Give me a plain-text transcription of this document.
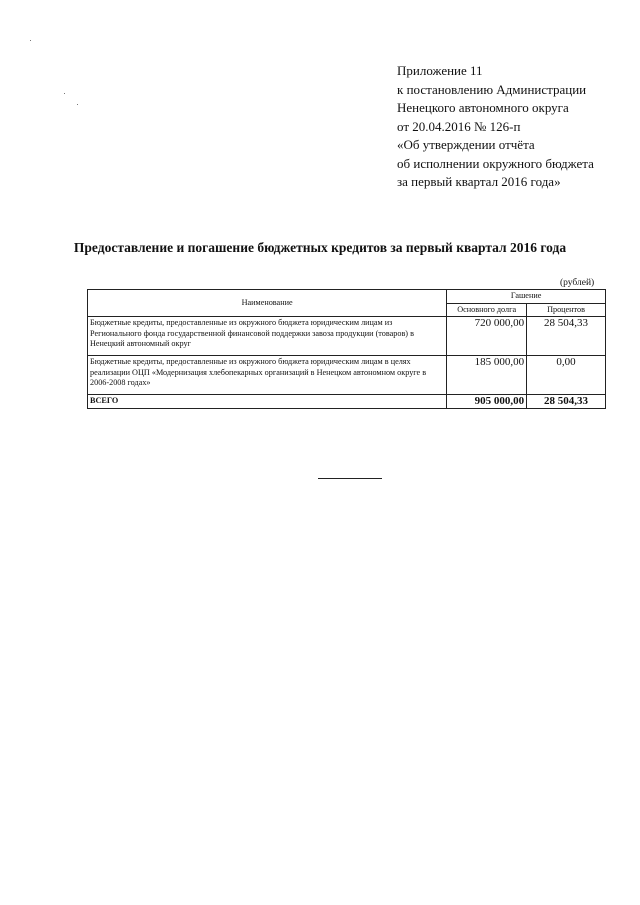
Приложение 11
к постановлению Администрации
Ненецкого автономного округа
от 20.04.2016 № 126-п
«Об утверждении отчёта
об исполнении окружного бюджета
за первый квартал 2016 года»
Предоставление и погашение бюджетных кредитов за первый квартал 2016 года
(рублей)
Наименование	Гашение	
	Основного долга	Процентов
Бюджетные кредиты, предоставленные из окружного бюджета юридическим лицам из Регионального фонда государственной финансовой поддержки завоза продукции (товаров) в Ненецкий автономный округ	720 000,00	28 504,33
Бюджетные кредиты, предоставленные из окружного бюджета юридическим лицам в целях реализации ОЦП «Модернизация хлебопекарных организаций в Ненецком автономном округе в 2006-2008 годах»	185 000,00	0,00
ВСЕГО	905 000,00	28 504,33
